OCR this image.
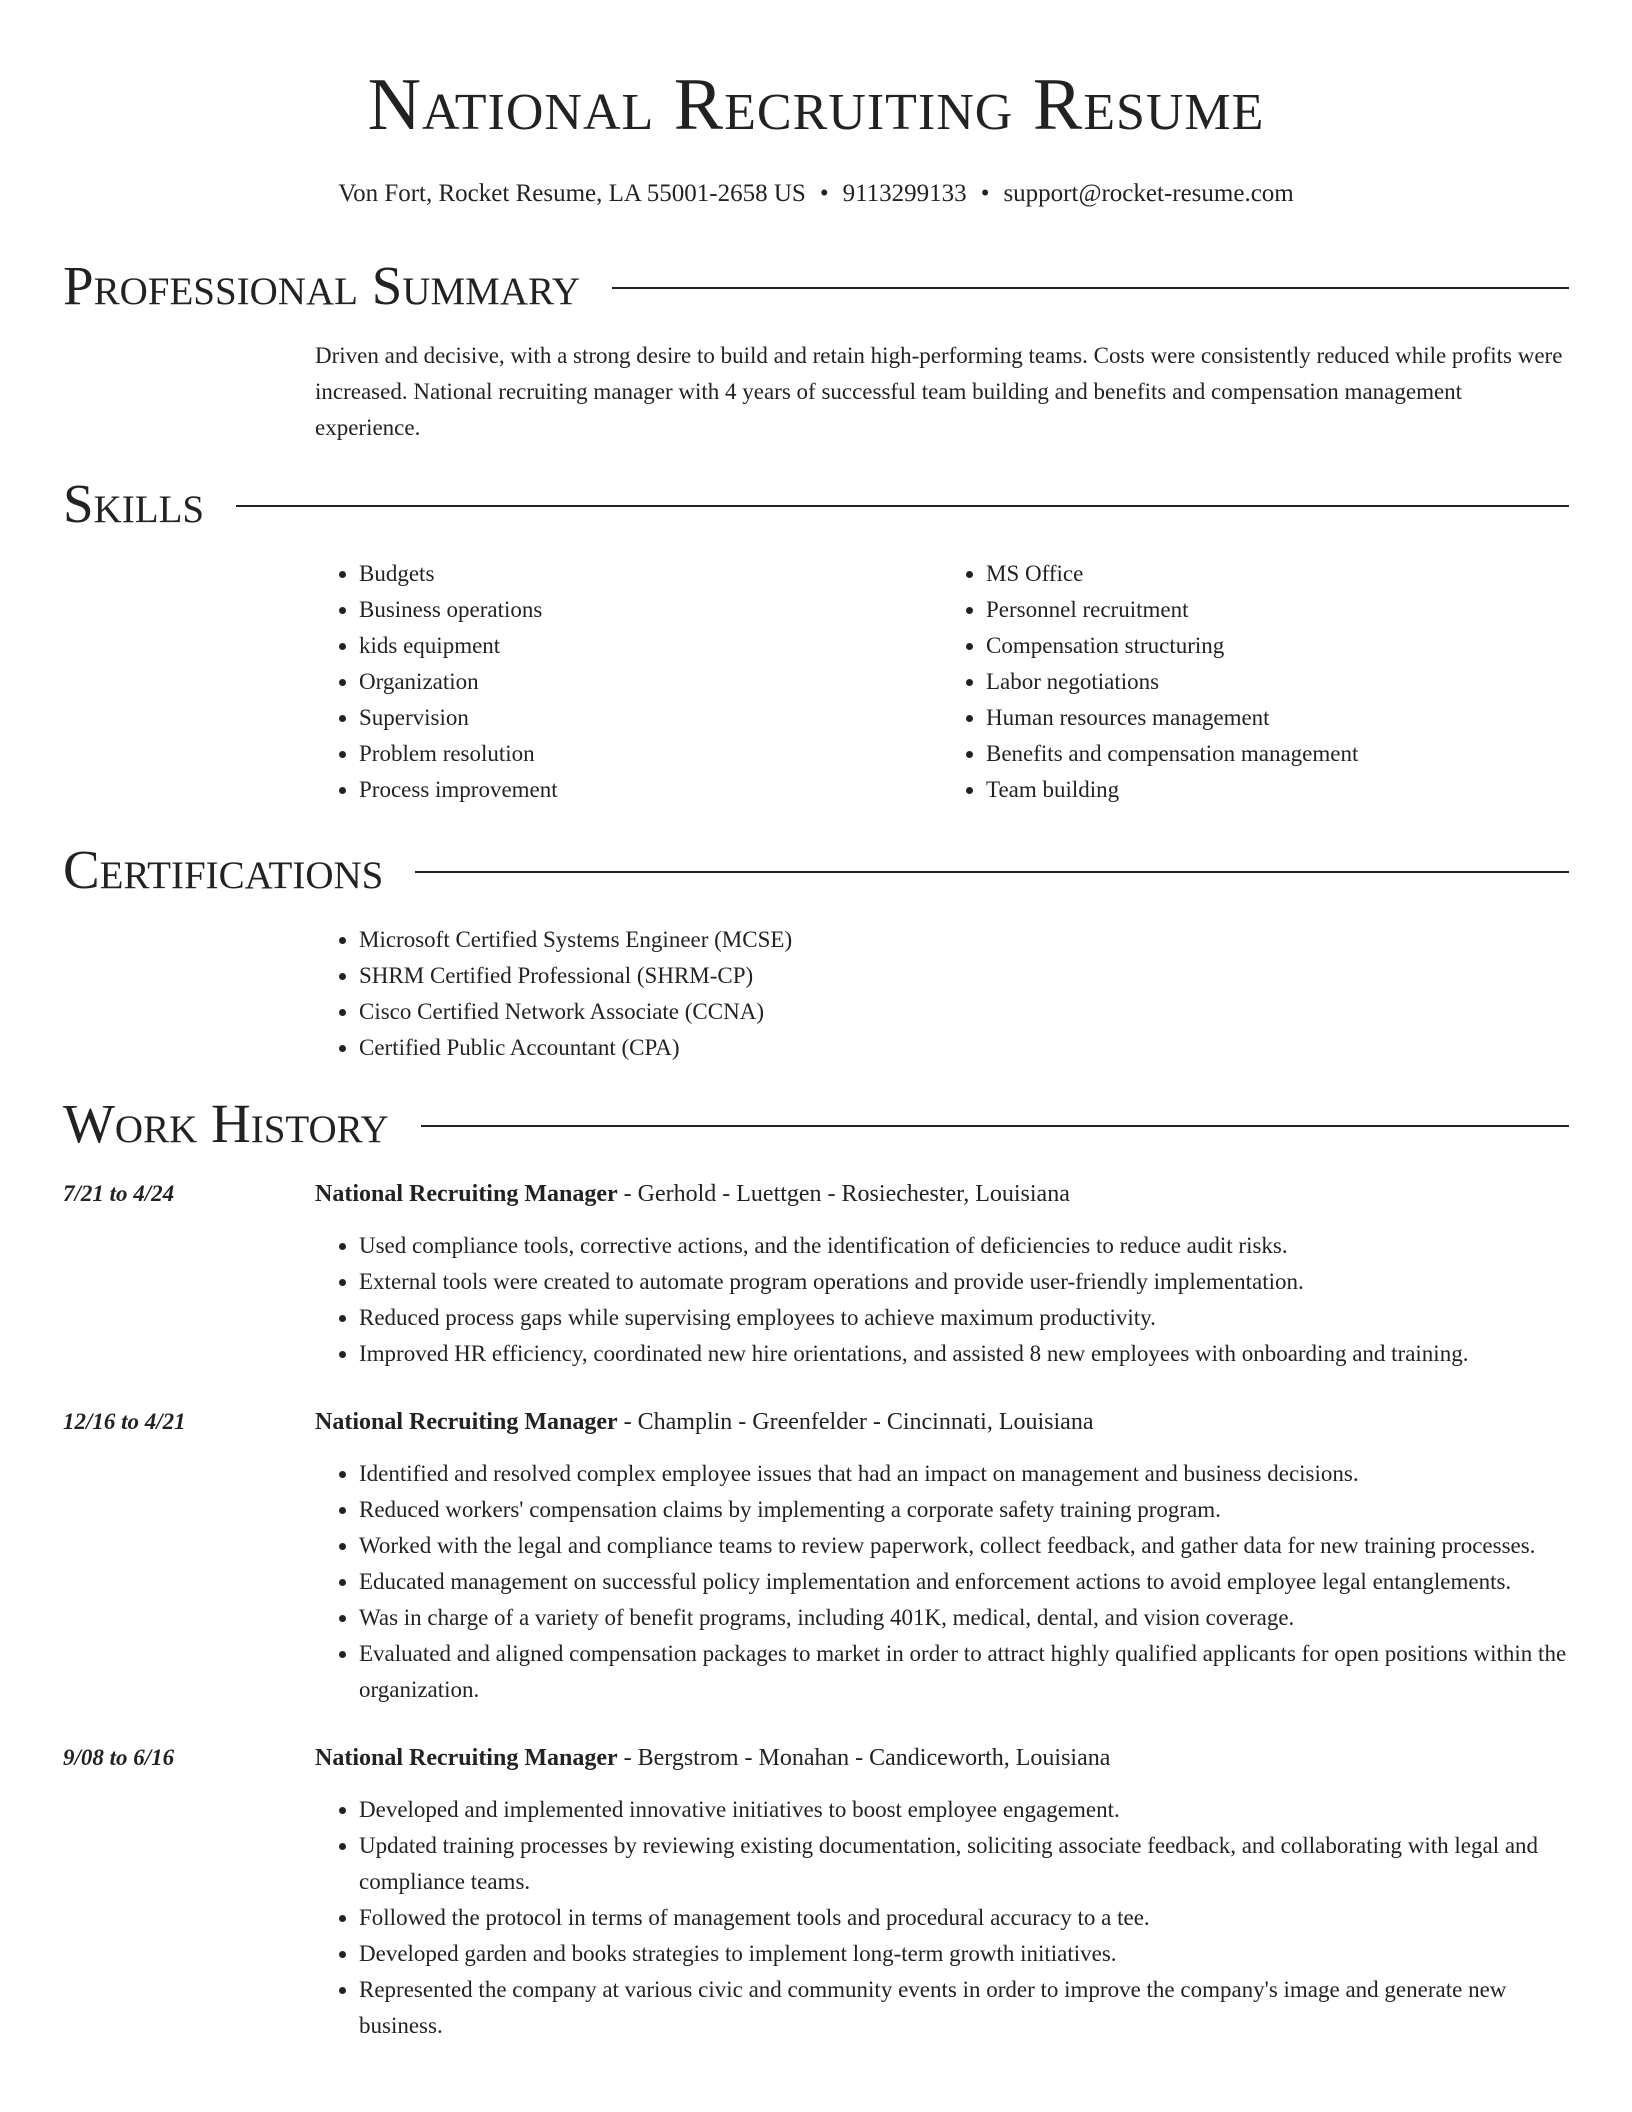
National Recruiting Resume
Von Fort, Rocket Resume, LA 55001-2658 US • 9113299133 • support@rocket-resume.com
Professional Summary

Driven and decisive, with a strong desire to build and retain high-performing teams. Costs were consistently reduced while profits were increased. National recruiting manager with 4 years of successful team building and benefits and compensation management experience.

Skills
• Budgets
• Business operations
• kids equipment
• Organization
• Supervision
• Problem resolution
• Process improvement
• MS Office
• Personnel recruitment
• Compensation structuring
• Labor negotiations
• Human resources management
• Benefits and compensation management
• Team building
Certifications
• Microsoft Certified Systems Engineer (MCSE)
• SHRM Certified Professional (SHRM-CP)
• Cisco Certified Network Associate (CCNA)
• Certified Public Accountant (CPA)
Work History
7/21 to 4/24	National Recruiting Manager - Gerhold - Luettgen - Rosiechester, Louisiana
• Used compliance tools, corrective actions, and the identification of deficiencies to reduce audit risks.
• External tools were created to automate program operations and provide user-friendly implementation.
• Reduced process gaps while supervising employees to achieve maximum productivity.
• Improved HR efficiency, coordinated new hire orientations, and assisted 8 new employees with onboarding and training.
12/16 to 4/21	National Recruiting Manager - Champlin - Greenfelder - Cincinnati, Louisiana
• Identified and resolved complex employee issues that had an impact on management and business decisions.
• Reduced workers' compensation claims by implementing a corporate safety training program.
• Worked with the legal and compliance teams to review paperwork, collect feedback, and gather data for new training processes.
• Educated management on successful policy implementation and enforcement actions to avoid employee legal entanglements.
• Was in charge of a variety of benefit programs, including 401K, medical, dental, and vision coverage.
• Evaluated and aligned compensation packages to market in order to attract highly qualified applicants for open positions within the organization.
9/08 to 6/16	National Recruiting Manager - Bergstrom - Monahan - Candiceworth, Louisiana
• Developed and implemented innovative initiatives to boost employee engagement.
• Updated training processes by reviewing existing documentation, soliciting associate feedback, and collaborating with legal and compliance teams.
• Followed the protocol in terms of management tools and procedural accuracy to a tee.
• Developed garden and books strategies to implement long-term growth initiatives.
• Represented the company at various civic and community events in order to improve the company's image and generate new business.
